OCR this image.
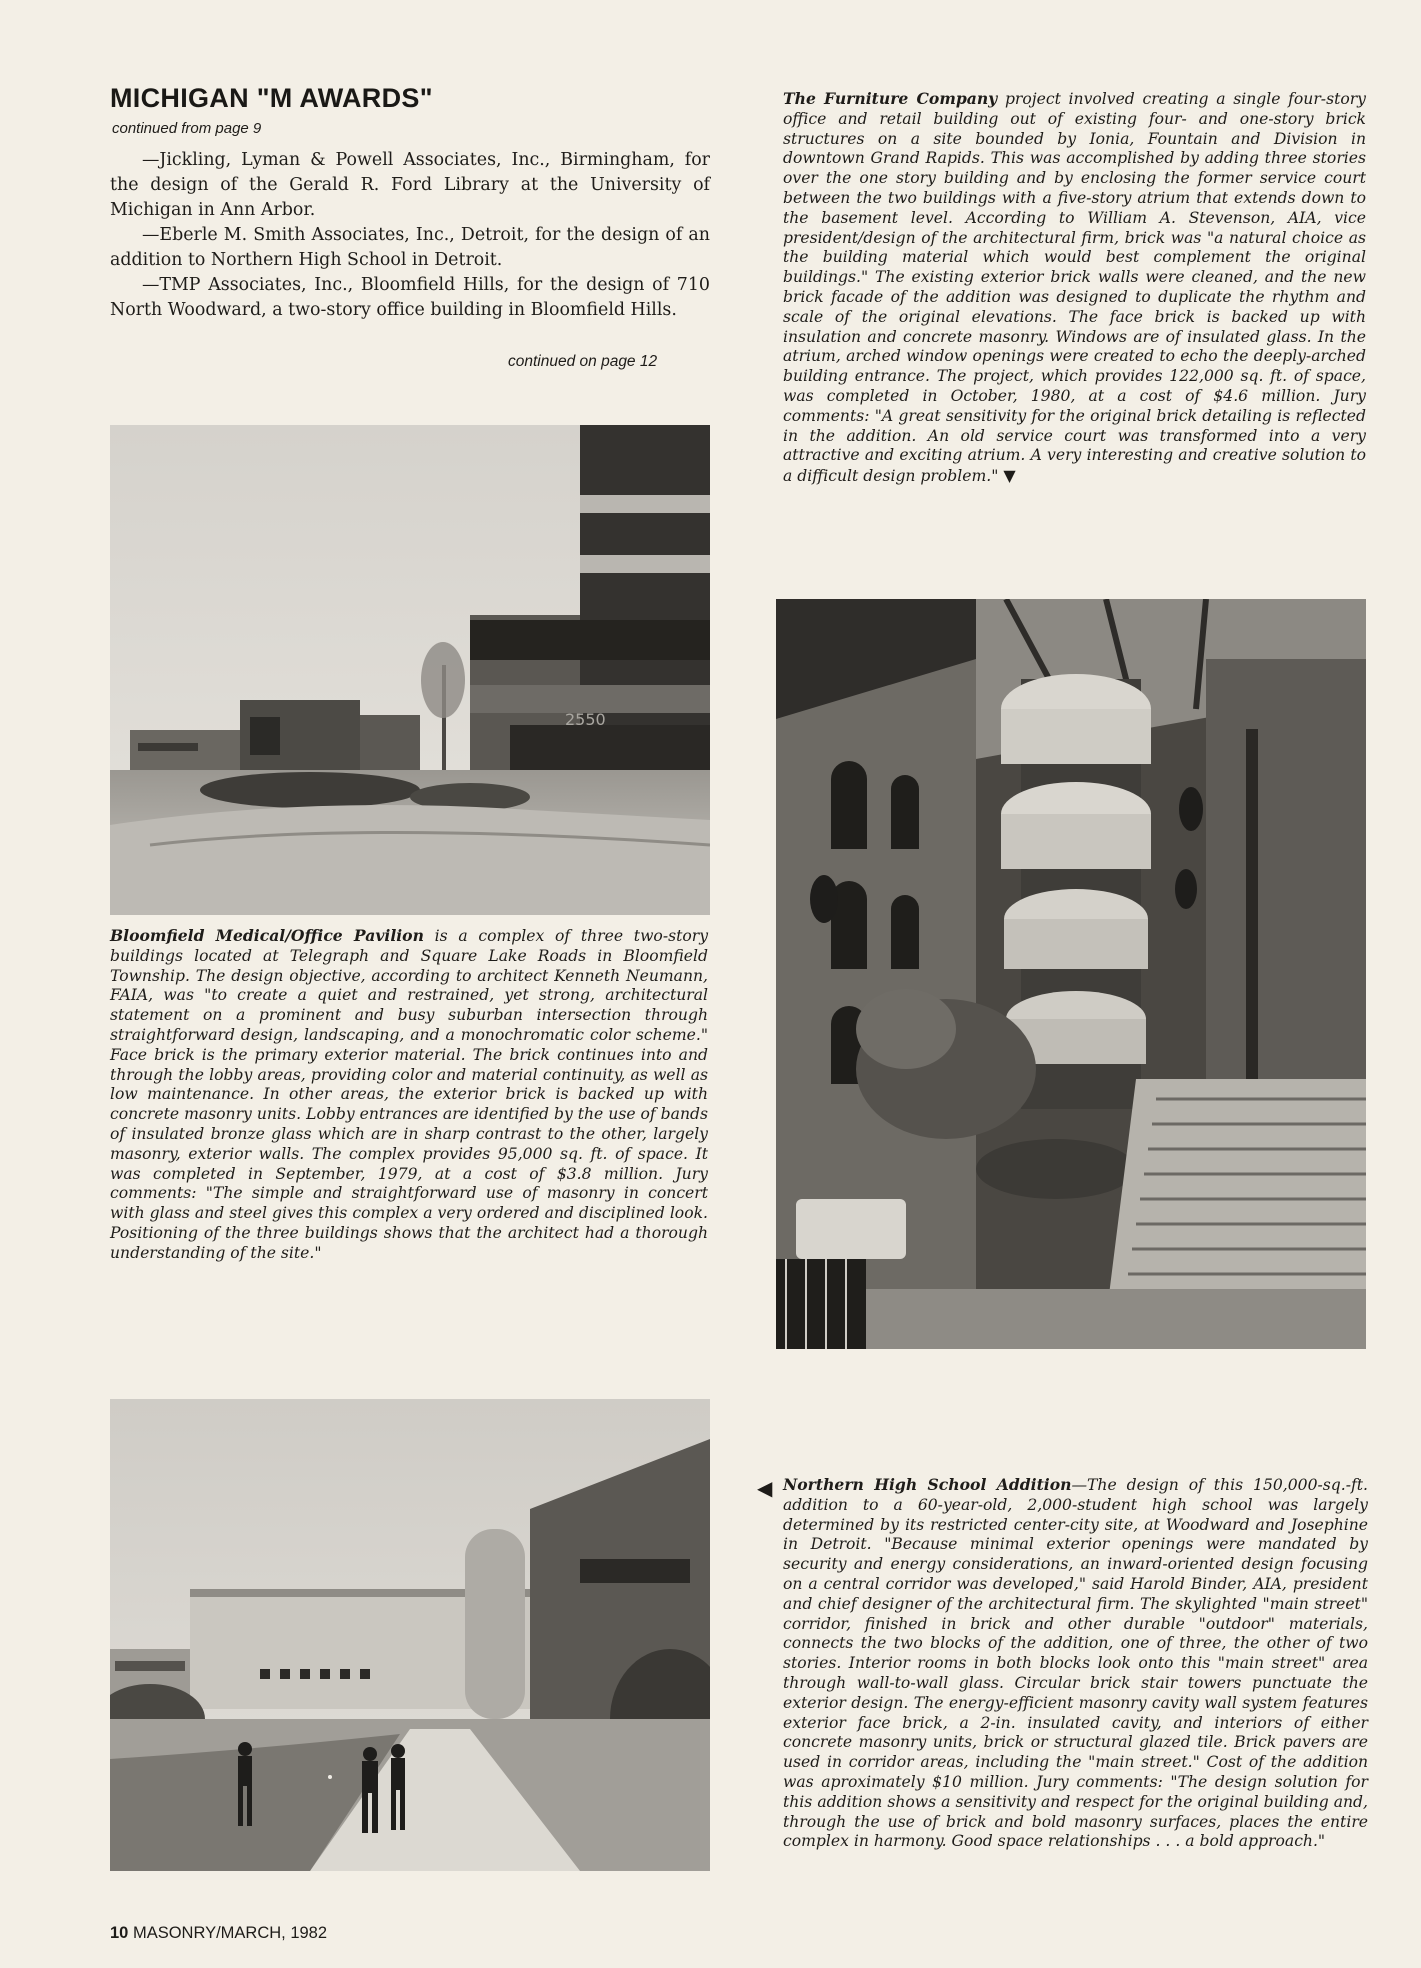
MICHIGAN "M AWARDS"
continued from page 9

—Jickling, Lyman & Powell Associates, Inc., Birmingham, for the design of the Gerald R. Ford Library at the University of Michigan in Ann Arbor.

—Eberle M. Smith Associates, Inc., Detroit, for the design of an addition to Northern High School in Detroit.

—TMP Associates, Inc., Bloomfield Hills, for the design of 710 North Woodward, a two-story office building in Bloomfield Hills.

continued on page 12
The Furniture Company project involved creating a single four-story office and retail building out of existing four- and one-story brick structures on a site bounded by Ionia, Fountain and Division in downtown Grand Rapids. This was accomplished by adding three stories over the one story building and by enclosing the former service court between the two buildings with a five-story atrium that extends down to the basement level. According to William A. Stevenson, AIA, vice president/design of the architectural firm, brick was "a natural choice as the building material which would best complement the original buildings." The existing exterior brick walls were cleaned, and the new brick facade of the addition was designed to duplicate the rhythm and scale of the original elevations. The face brick is backed up with insulation and concrete masonry. Windows are of insulated glass. In the atrium, arched window openings were created to echo the deeply-arched building entrance. The project, which provides 122,000 sq. ft. of space, was completed in October, 1980, at a cost of $4.6 million. Jury comments: "A great sensitivity for the original brick detailing is reflected in the addition. An old service court was transformed into a very attractive and exciting atrium. A very interesting and creative solution to a difficult design problem." ▼
2550
Bloomfield Medical/Office Pavilion is a complex of three two-story buildings located at Telegraph and Square Lake Roads in Bloomfield Township. The design objective, according to architect Kenneth Neumann, FAIA, was "to create a quiet and restrained, yet strong, architectural statement on a prominent and busy suburban intersection through straightforward design, landscaping, and a monochromatic color scheme." Face brick is the primary exterior material. The brick continues into and through the lobby areas, providing color and material continuity, as well as low maintenance. In other areas, the exterior brick is backed up with concrete masonry units. Lobby entrances are identified by the use of bands of insulated bronze glass which are in sharp contrast to the other, largely masonry, exterior walls. The complex provides 95,000 sq. ft. of space. It was completed in September, 1979, at a cost of $3.8 million. Jury comments: "The simple and straightforward use of masonry in concert with glass and steel gives this complex a very ordered and disciplined look. Positioning of the three buildings shows that the architect had a thorough understanding of the site."
◀ Northern High School Addition—The design of this 150,000-sq.-ft. addition to a 60-year-old, 2,000-student high school was largely determined by its restricted center-city site, at Woodward and Josephine in Detroit. "Because minimal exterior openings were mandated by security and energy considerations, an inward-oriented design focusing on a central corridor was developed," said Harold Binder, AIA, president and chief designer of the architectural firm. The skylighted "main street" corridor, finished in brick and other durable "outdoor" materials, connects the two blocks of the addition, one of three, the other of two stories. Interior rooms in both blocks look onto this "main street" area through wall-to-wall glass. Circular brick stair towers punctuate the exterior design. The energy-efficient masonry cavity wall system features exterior face brick, a 2-in. insulated cavity, and interiors of either concrete masonry units, brick or structural glazed tile. Brick pavers are used in corridor areas, including the "main street." Cost of the addition was aproximately $10 million. Jury comments: "The design solution for this addition shows a sensitivity and respect for the original building and, through the use of brick and bold masonry surfaces, places the entire complex in harmony. Good space relationships . . . a bold approach."
10 MASONRY/MARCH, 1982
